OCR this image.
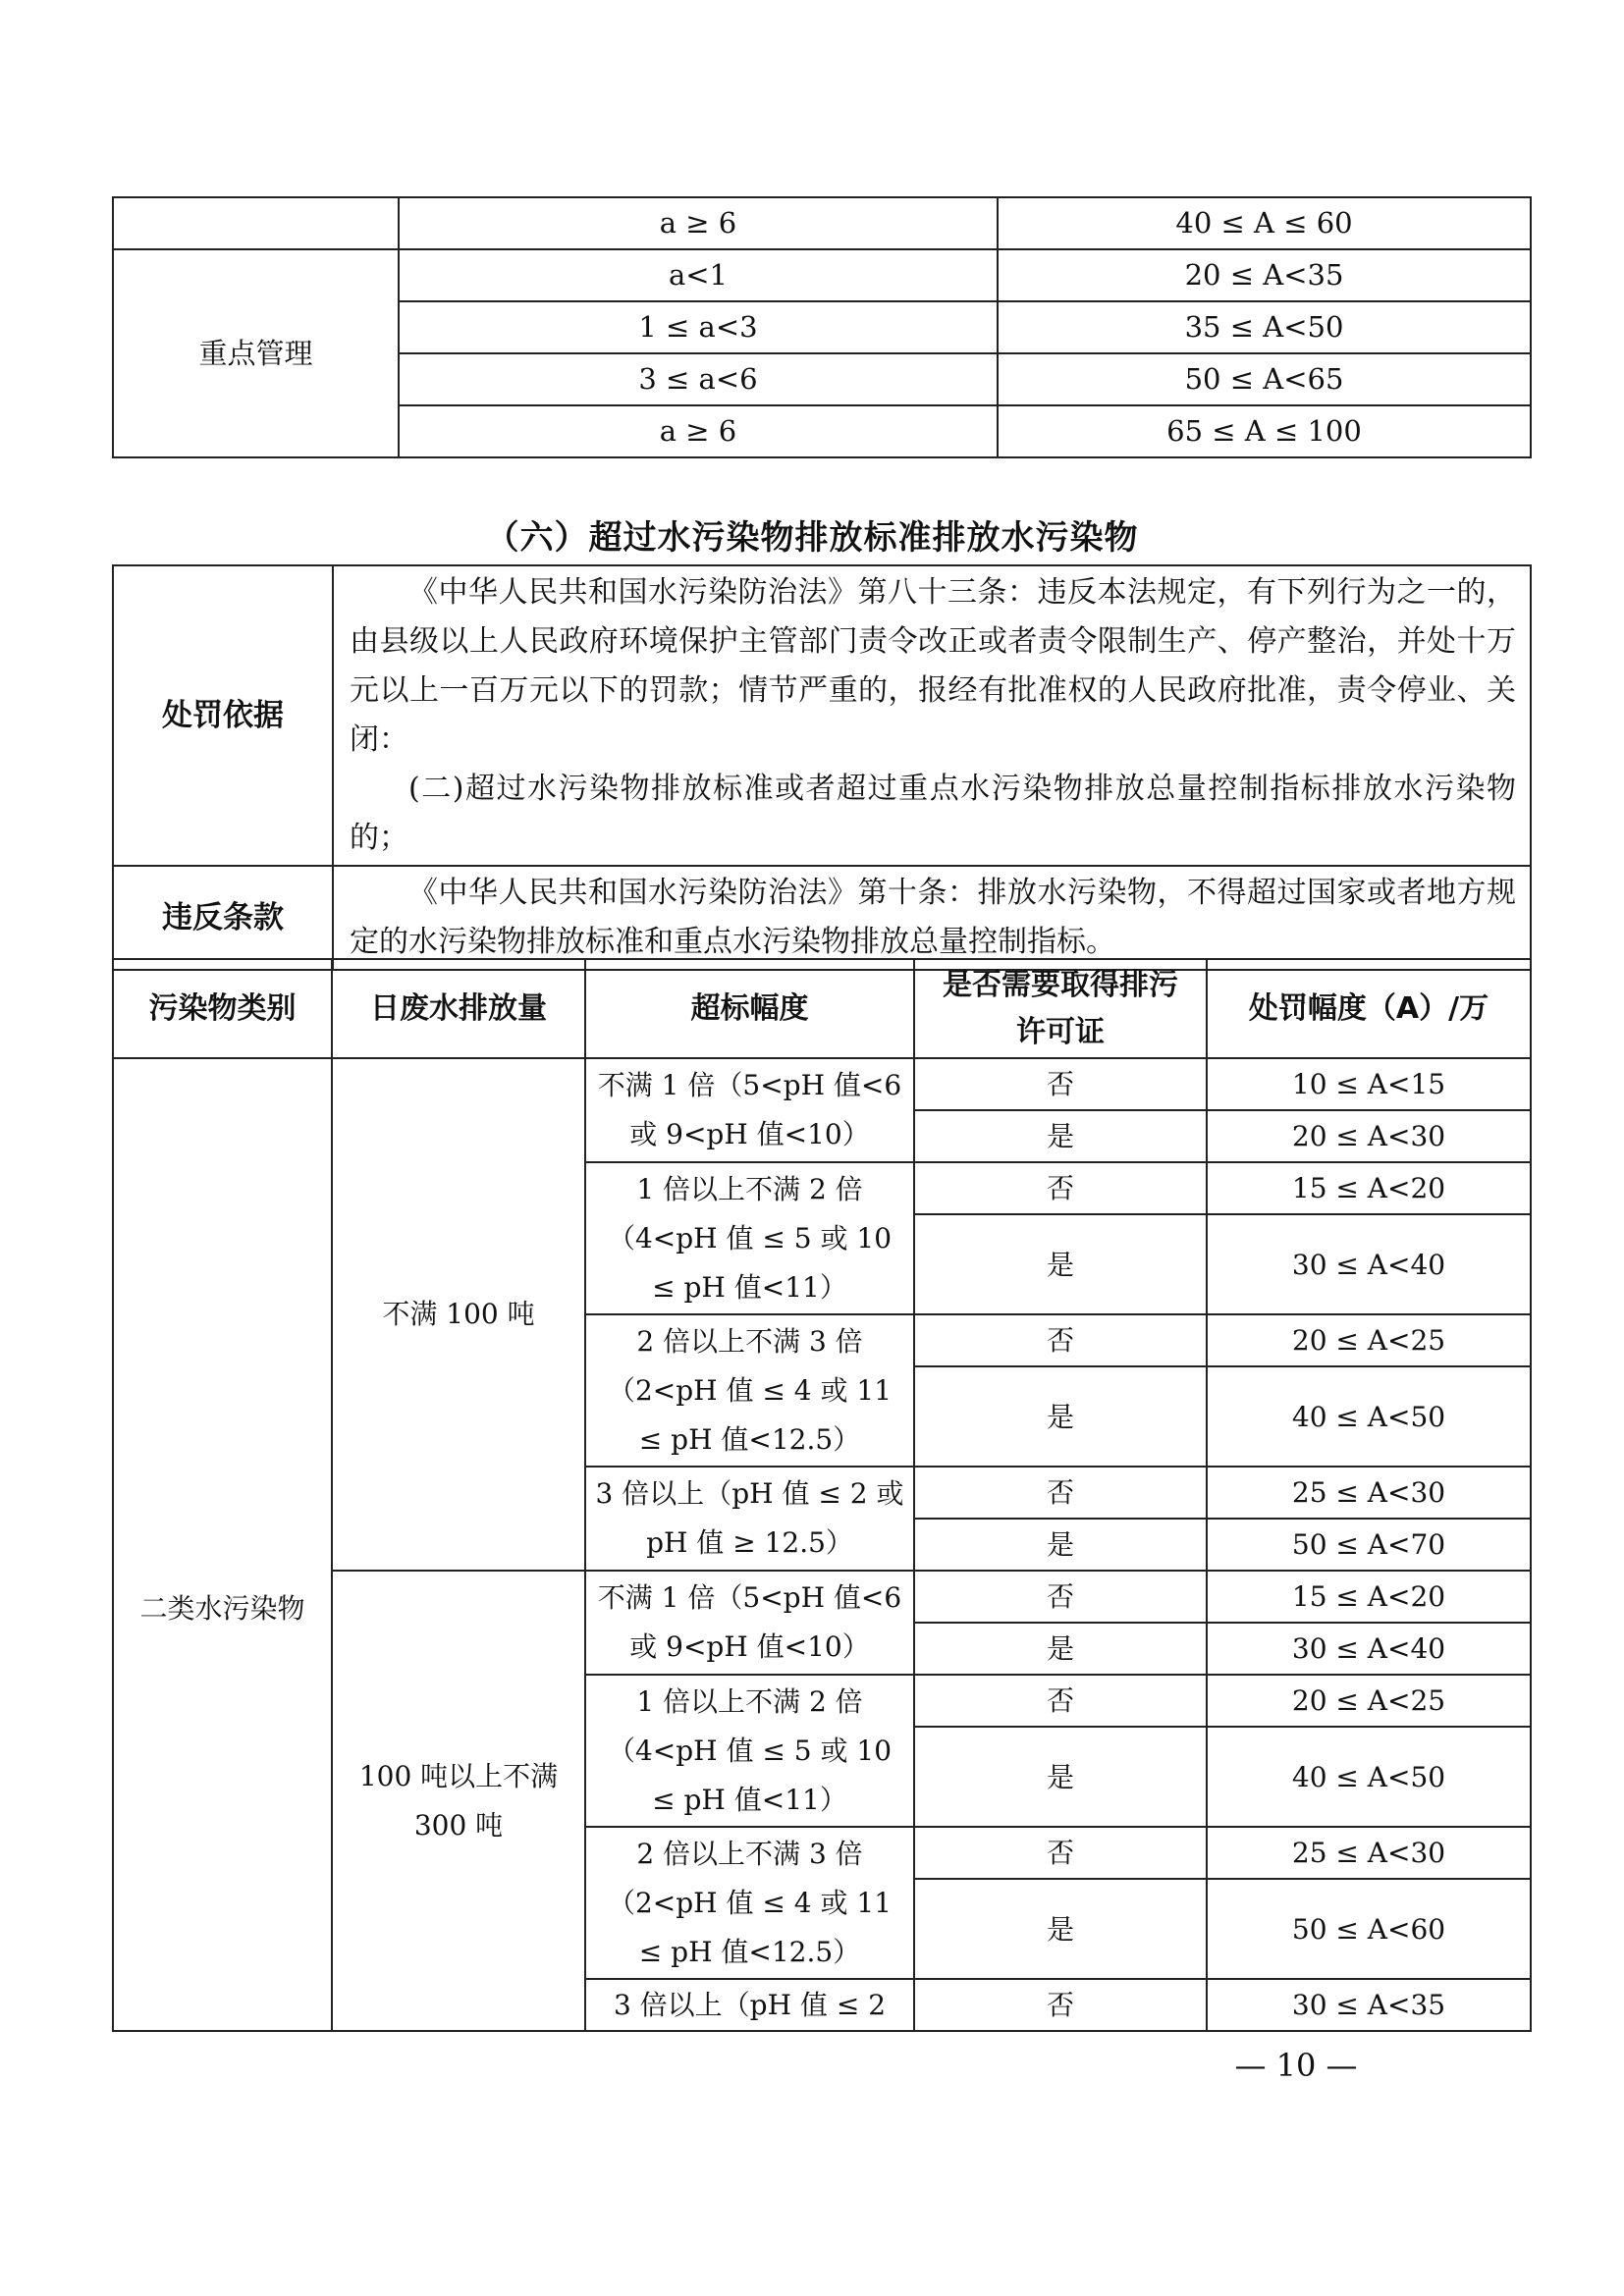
	a ≥ 6	40 ≤ A ≤ 60
重点管理	a<1	20 ≤ A<35
	1 ≤ a<3	35 ≤ A<50
	3 ≤ a<6	50 ≤ A<65
	a ≥ 6	65 ≤ A ≤ 100
（六）超过水污染物排放标准排放水污染物
处罚依据	《中华人民共和国水污染防治法》第八十三条：违反本法规定，有下列行为之一的，由县级以上人民政府环境保护主管部门责令改正或者责令限制生产、停产整治，并处十万元以上一百万元以下的罚款；情节严重的，报经有批准权的人民政府批准，责令停业、关闭：
(二)超过水污染物排放标准或者超过重点水污染物排放总量控制指标排放水污染物的；

违反条款	《中华人民共和国水污染防治法》第十条：排放水污染物，不得超过国家或者地方规定的水污染物排放标准和重点水污染物排放总量控制指标。
污染物类别	日废水排放量	超标幅度	是否需要取得排污许可证	处罚幅度（A）/万
二类水污染物	不满 100 吨	不满 1 倍（5<pH 值<6 或 9<pH 值<10）	否	10 ≤ A<15
			是	20 ≤ A<30
		1 倍以上不满 2 倍（4<pH 值 ≤ 5 或 10 ≤ pH 值<11）	否	15 ≤ A<20
			是	30 ≤ A<40
		2 倍以上不满 3 倍（2<pH 值 ≤ 4 或 11 ≤ pH 值<12.5）	否	20 ≤ A<25
			是	40 ≤ A<50
		3 倍以上（pH 值 ≤ 2 或 pH 值 ≥ 12.5）	否	25 ≤ A<30
			是	50 ≤ A<70
	100 吨以上不满 300 吨	不满 1 倍（5<pH 值<6 或 9<pH 值<10）	否	15 ≤ A<20
			是	30 ≤ A<40
		1 倍以上不满 2 倍（4<pH 值 ≤ 5 或 10 ≤ pH 值<11）	否	20 ≤ A<25
			是	40 ≤ A<50
		2 倍以上不满 3 倍（2<pH 值 ≤ 4 或 11 ≤ pH 值<12.5）	否	25 ≤ A<30
			是	50 ≤ A<60
		3 倍以上（pH 值 ≤ 2	否	30 ≤ A<35
— 10 —
